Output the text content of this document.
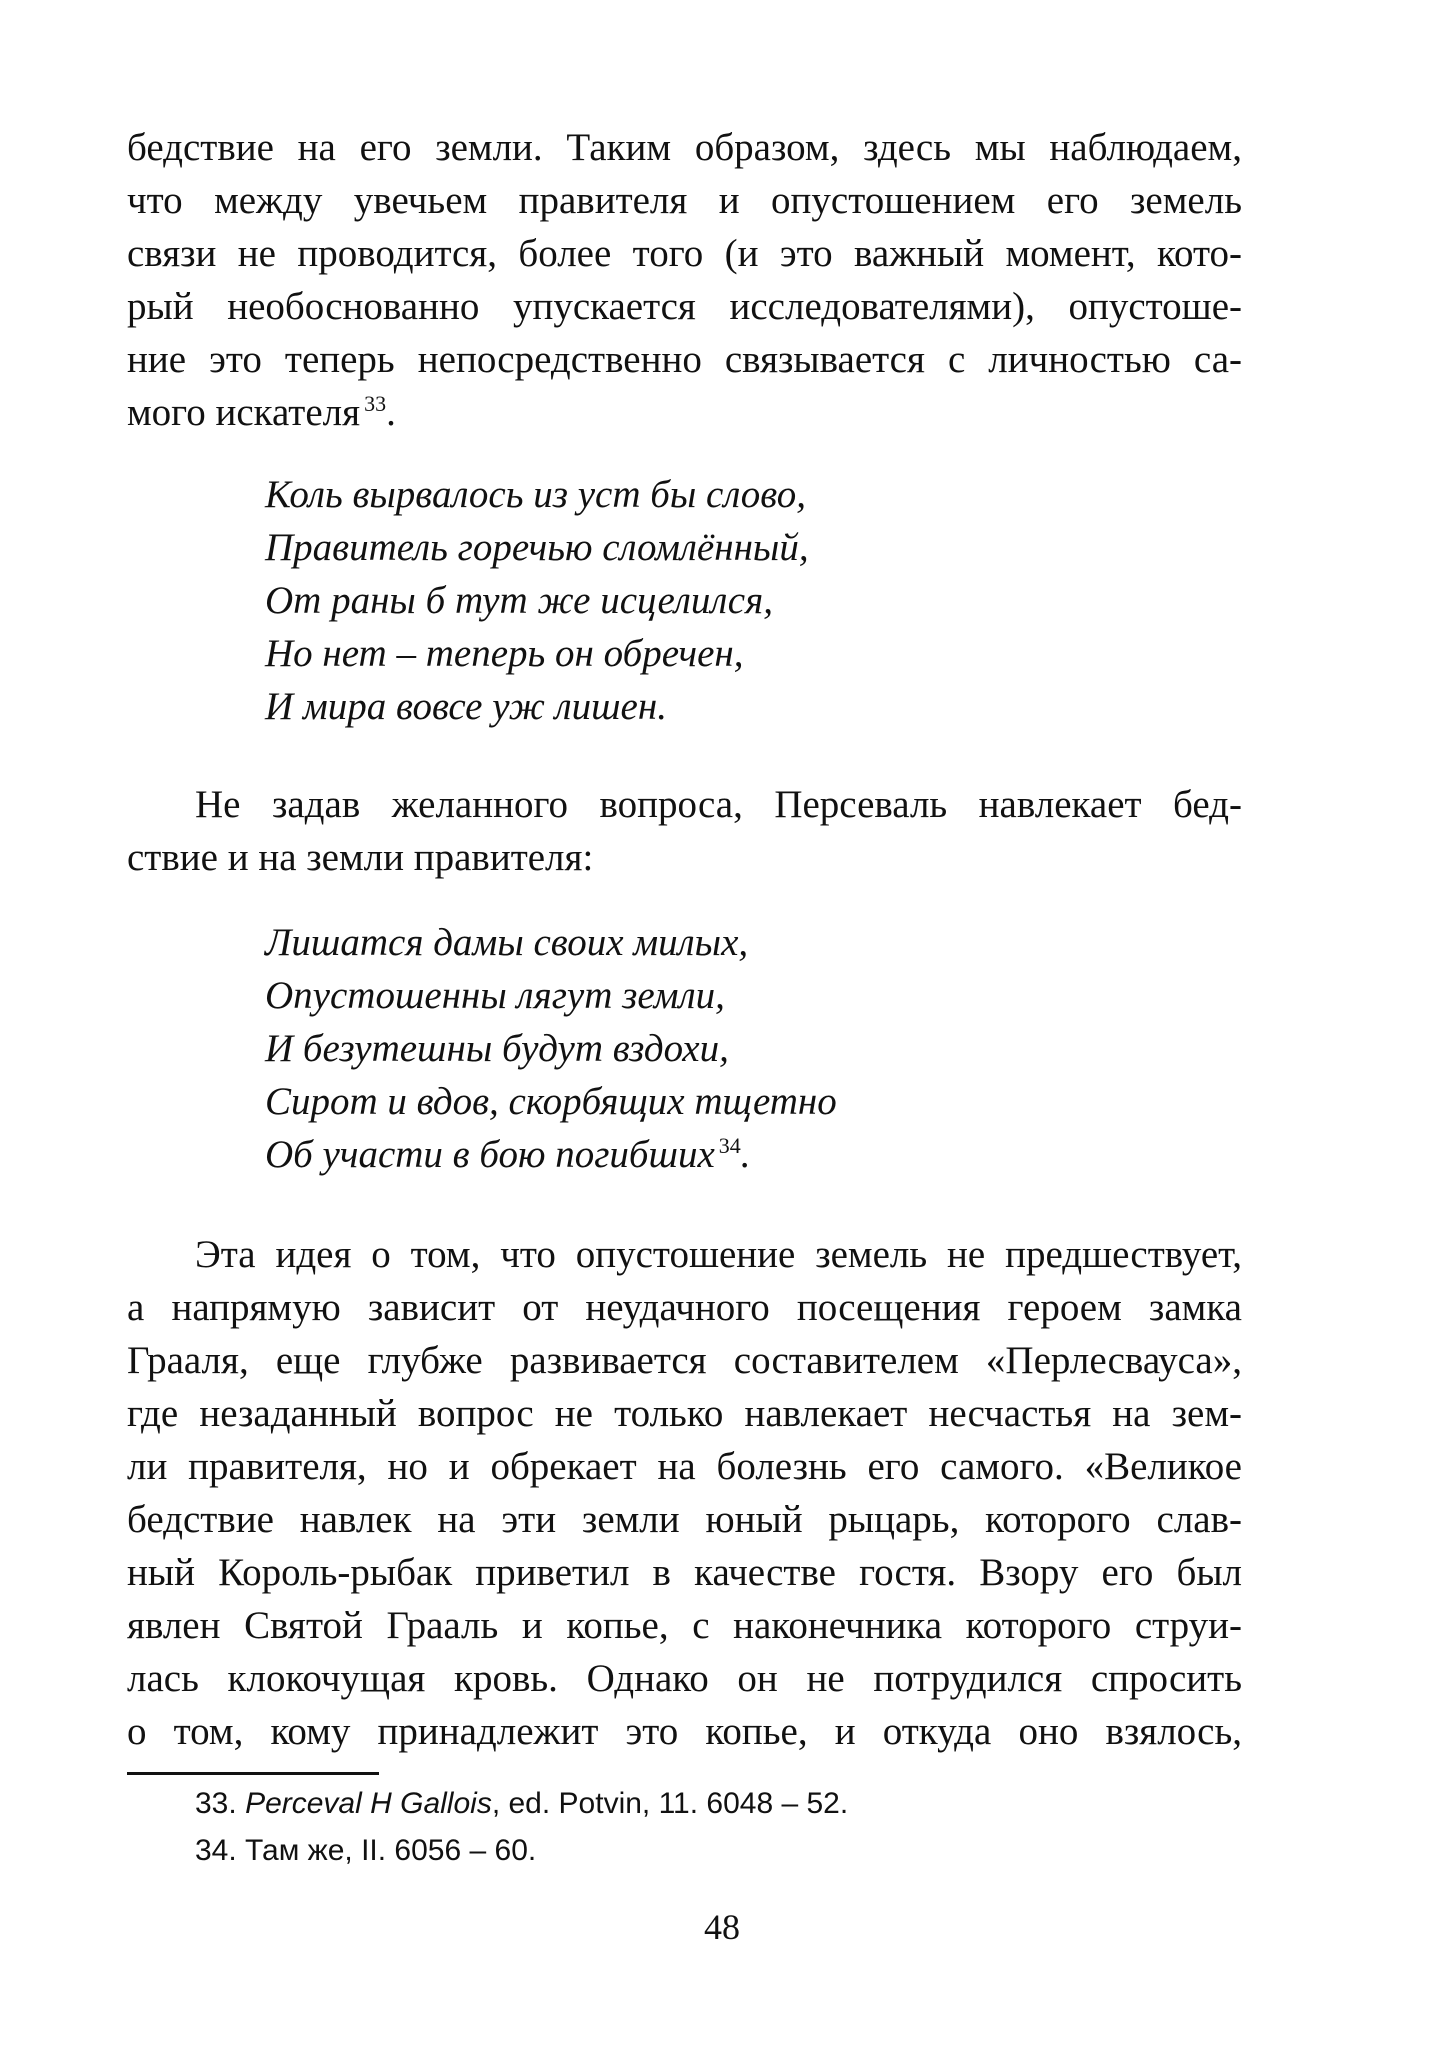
бедствие на его земли. Таким образом, здесь мы наблюдаем,
что между увечьем правителя и опустошением его земель
связи не проводится, более того (и это важный момент, кото-
рый необоснованно упускается исследователями), опустоше-
ние это теперь непосредственно связывается с личностью са-
мого искателя $^{33}$.
Коль вырвалось из уст бы слово,
Правитель горечью сломлённый,
От раны б тут же исцелился,
Но нет – теперь он обречен,
И мира вовсе уж лишен.
Не задав желанного вопроса, Персеваль навлекает бед-
ствие и на земли правителя:
Лишатся дамы своих милых,
Опустошенны лягут земли,
И безутешны будут вздохи,
Сирот и вдов, скорбящих тщетно
Об участи в бою погибших $^{34}$.
Эта идея о том, что опустошение земель не предшествует,
а напрямую зависит от неудачного посещения героем замка
Грааля, еще глубже развивается составителем «Перлесвауса»,
где незаданный вопрос не только навлекает несчастья на зем-
ли правителя, но и обрекает на болезнь его самого. «Великое
бедствие навлек на эти земли юный рыцарь, которого слав-
ный Король-рыбак приветил в качестве гостя. Взору его был
явлен Святой Грааль и копье, с наконечника которого струи-
лась клокочущая кровь. Однако он не потрудился спросить
о том, кому принадлежит это копье, и откуда оно взялось,
33. Perceval H Gallois, ed. Potvin, 11. 6048 – 52.
34. Там же, II. 6056 – 60.
48
